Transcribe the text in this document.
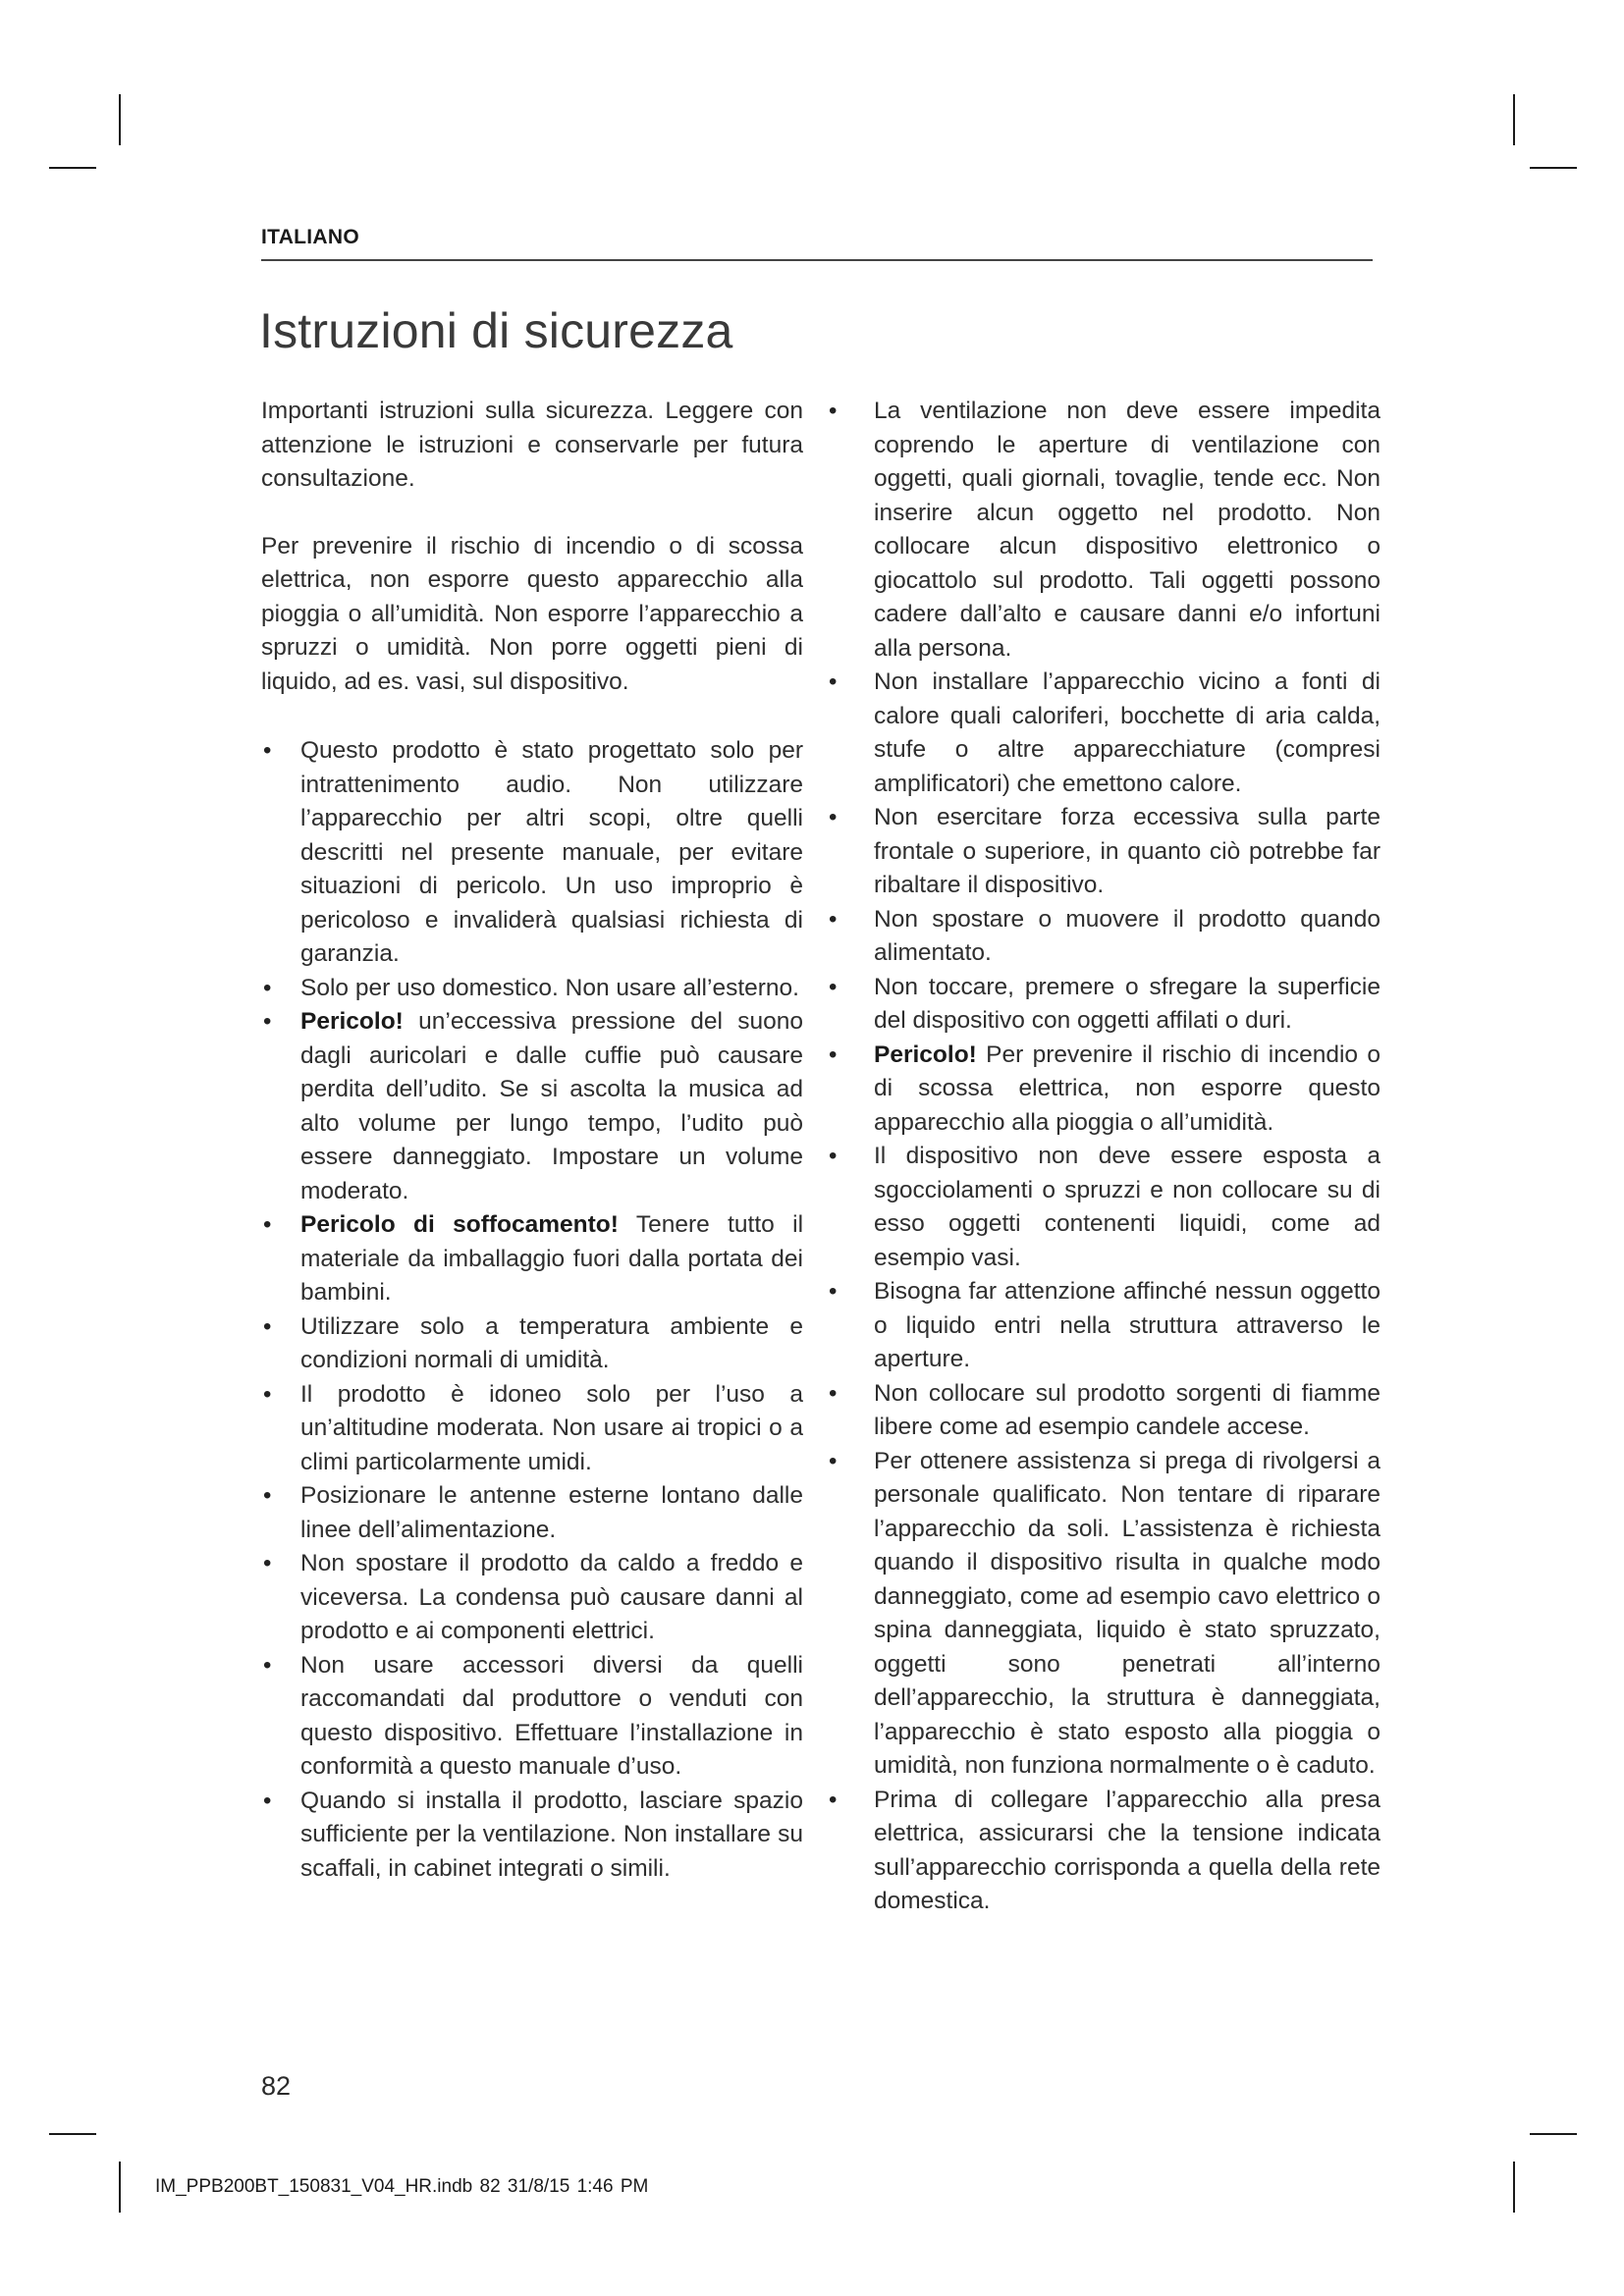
ITALIANO
Istruzioni di sicurezza

Importanti istruzioni sulla sicurezza. Leggere con attenzione le istruzioni e conservarle per futura consultazione.

Per prevenire il rischio di incendio o di scossa elettrica, non esporre questo apparecchio alla pioggia o all’umidità. Non esporre l’apparecchio a spruzzi o umidità. Non porre oggetti pieni di liquido, ad es. vasi, sul dispositivo.

• Questo prodotto è stato progettato solo per intrattenimento audio. Non utilizzare l’apparecchio per altri scopi, oltre quelli descritti nel presente manuale, per evitare situazioni di pericolo. Un uso improprio è pericoloso e invaliderà qualsiasi richiesta di garanzia.
• Solo per uso domestico. Non usare all’esterno.
• Pericolo! un’eccessiva pressione del suono dagli auricolari e dalle cuffie può causare perdita dell’udito. Se si ascolta la musica ad alto volume per lungo tempo, l’udito può essere danneggiato. Impostare un volume moderato.
• Pericolo di soffocamento! Tenere tutto il materiale da imballaggio fuori dalla portata dei bambini.
• Utilizzare solo a temperatura ambiente e condizioni normali di umidità.
• Il prodotto è idoneo solo per l’uso a un’altitudine moderata. Non usare ai tropici o a climi particolarmente umidi.
• Posizionare le antenne esterne lontano dalle linee dell’alimentazione.
• Non spostare il prodotto da caldo a freddo e viceversa. La condensa può causare danni al prodotto e ai componenti elettrici.
• Non usare accessori diversi da quelli raccomandati dal produttore o venduti con questo dispositivo. Effettuare l’installazione in conformità a questo manuale d’uso.
• Quando si installa il prodotto, lasciare spazio sufficiente per la ventilazione. Non installare su scaffali, in cabinet integrati o simili.
• La ventilazione non deve essere impedita coprendo le aperture di ventilazione con oggetti, quali giornali, tovaglie, tende ecc. Non inserire alcun oggetto nel prodotto. Non collocare alcun dispositivo elettronico o giocattolo sul prodotto. Tali oggetti possono cadere dall’alto e causare danni e/o infortuni alla persona.
• Non installare l’apparecchio vicino a fonti di calore quali caloriferi, bocchette di aria calda, stufe o altre apparecchiature (compresi amplificatori) che emettono calore.
• Non esercitare forza eccessiva sulla parte frontale o superiore, in quanto ciò potrebbe far ribaltare il dispositivo.
• Non spostare o muovere il prodotto quando alimentato.
• Non toccare, premere o sfregare la superficie del dispositivo con oggetti affilati o duri.
• Pericolo! Per prevenire il rischio di incendio o di scossa elettrica, non esporre questo apparecchio alla pioggia o all’umidità.
• Il dispositivo non deve essere esposta a sgocciolamenti o spruzzi e non collocare su di esso oggetti contenenti liquidi, come ad esempio vasi.
• Bisogna far attenzione affinché nessun oggetto o liquido entri nella struttura attraverso le aperture.
• Non collocare sul prodotto sorgenti di fiamme libere come ad esempio candele accese.
• Per ottenere assistenza si prega di rivolgersi a personale qualificato. Non tentare di riparare l’apparecchio da soli. L’assistenza è richiesta quando il dispositivo risulta in qualche modo danneggiato, come ad esempio cavo elettrico o spina danneggiata, liquido è stato spruzzato, oggetti sono penetrati all’interno dell’apparecchio, la struttura è danneggiata, l’apparecchio è stato esposto alla pioggia o umidità, non funziona normalmente o è caduto.
• Prima di collegare l’apparecchio alla presa elettrica, assicurarsi che la tensione indicata sull’apparecchio corrisponda a quella della rete domestica.
82
IM_PPB200BT_150831_V04_HR.indb 82 31/8/15 1:46 PM
